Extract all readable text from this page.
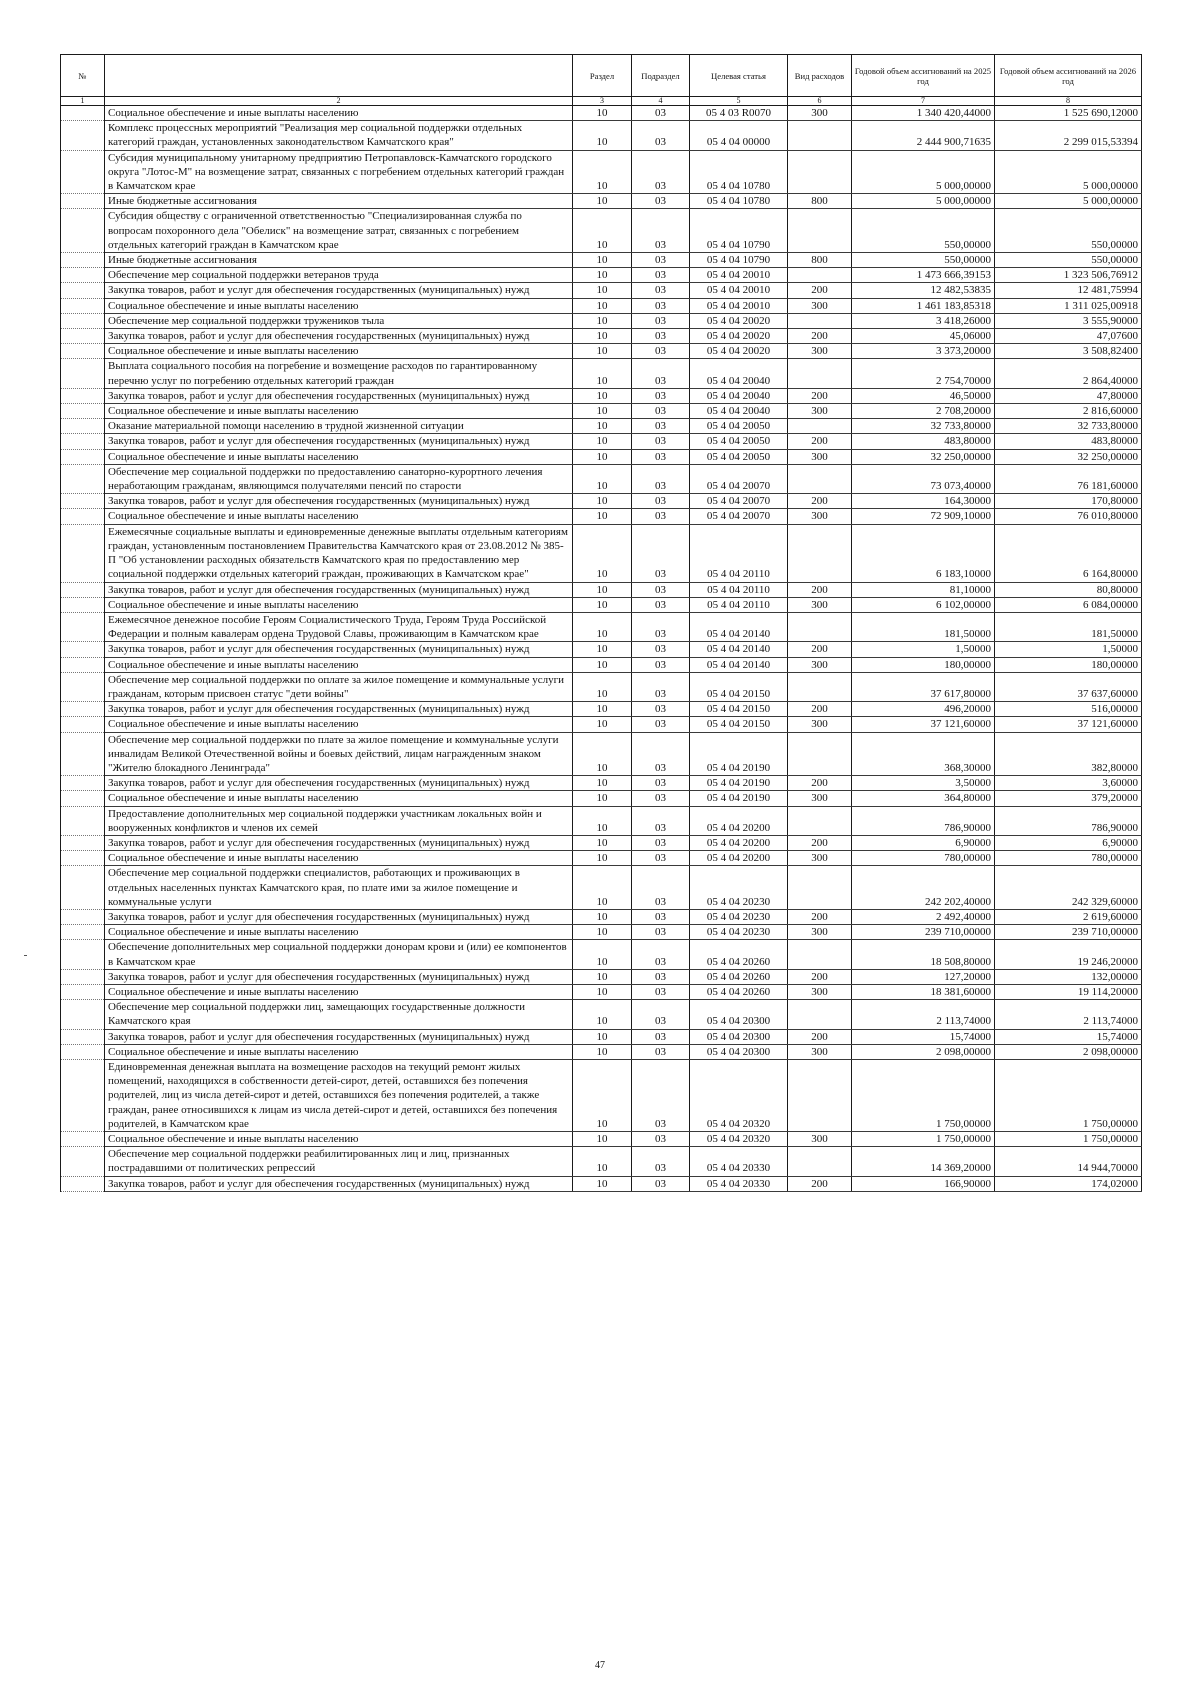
№		Раздел	Подраздел	Целевая статья	Вид расходов	Годовой объем ассигнований на 2025 год	Годовой объем ассигнований на 2026 год
1	2	3	4	5	6	7	8
	Социальное обеспечение и иные выплаты населению	10	03	05 4 03 R0070	300	1 340 420,44000	1 525 690,12000
	Комплекс процессных мероприятий "Реализация мер социальной поддержки отдельных категорий граждан, установленных законодательством Камчатского края"	10	03	05 4 04 00000		2 444 900,71635	2 299 015,53394
	Субсидия муниципальному унитарному предприятию Петропавловск-Камчатского городского округа "Лотос-М" на возмещение затрат, связанных с погребением отдельных категорий граждан в Камчатском крае	10	03	05 4 04 10780		5 000,00000	5 000,00000
	Иные бюджетные ассигнования	10	03	05 4 04 10780	800	5 000,00000	5 000,00000
	Субсидия обществу с ограниченной ответственностью "Специализированная служба по вопросам похоронного дела "Обелиск" на возмещение затрат, связанных с погребением отдельных категорий граждан в Камчатском крае	10	03	05 4 04 10790		550,00000	550,00000
	Иные бюджетные ассигнования	10	03	05 4 04 10790	800	550,00000	550,00000
	Обеспечение мер социальной поддержки ветеранов труда	10	03	05 4 04 20010		1 473 666,39153	1 323 506,76912
	Закупка товаров, работ и услуг для обеспечения государственных (муниципальных) нужд	10	03	05 4 04 20010	200	12 482,53835	12 481,75994
	Социальное обеспечение и иные выплаты населению	10	03	05 4 04 20010	300	1 461 183,85318	1 311 025,00918
	Обеспечение мер социальной поддержки тружеников тыла	10	03	05 4 04 20020		3 418,26000	3 555,90000
	Закупка товаров, работ и услуг для обеспечения государственных (муниципальных) нужд	10	03	05 4 04 20020	200	45,06000	47,07600
	Социальное обеспечение и иные выплаты населению	10	03	05 4 04 20020	300	3 373,20000	3 508,82400
	Выплата социального пособия на погребение и возмещение расходов по гарантированному перечню услуг по погребению отдельных категорий граждан	10	03	05 4 04 20040		2 754,70000	2 864,40000
	Закупка товаров, работ и услуг для обеспечения государственных (муниципальных) нужд	10	03	05 4 04 20040	200	46,50000	47,80000
	Социальное обеспечение и иные выплаты населению	10	03	05 4 04 20040	300	2 708,20000	2 816,60000
	Оказание материальной помощи населению в трудной жизненной ситуации	10	03	05 4 04 20050		32 733,80000	32 733,80000
	Закупка товаров, работ и услуг для обеспечения государственных (муниципальных) нужд	10	03	05 4 04 20050	200	483,80000	483,80000
	Социальное обеспечение и иные выплаты населению	10	03	05 4 04 20050	300	32 250,00000	32 250,00000
	Обеспечение мер социальной поддержки по предоставлению санаторно-курортного лечения неработающим гражданам, являющимся получателями пенсий по старости	10	03	05 4 04 20070		73 073,40000	76 181,60000
	Закупка товаров, работ и услуг для обеспечения государственных (муниципальных) нужд	10	03	05 4 04 20070	200	164,30000	170,80000
	Социальное обеспечение и иные выплаты населению	10	03	05 4 04 20070	300	72 909,10000	76 010,80000
	Ежемесячные социальные выплаты и единовременные денежные выплаты отдельным категориям граждан, установленным постановлением Правительства Камчатского края от 23.08.2012 № 385-П "Об установлении расходных обязательств Камчатского края по предоставлению мер социальной поддержки отдельных категорий граждан, проживающих в Камчатском крае"	10	03	05 4 04 20110		6 183,10000	6 164,80000
	Закупка товаров, работ и услуг для обеспечения государственных (муниципальных) нужд	10	03	05 4 04 20110	200	81,10000	80,80000
	Социальное обеспечение и иные выплаты населению	10	03	05 4 04 20110	300	6 102,00000	6 084,00000
	Ежемесячное денежное пособие Героям Социалистического Труда, Героям Труда Российской Федерации и полным кавалерам ордена Трудовой Славы, проживающим в Камчатском крае	10	03	05 4 04 20140		181,50000	181,50000
	Закупка товаров, работ и услуг для обеспечения государственных (муниципальных) нужд	10	03	05 4 04 20140	200	1,50000	1,50000
	Социальное обеспечение и иные выплаты населению	10	03	05 4 04 20140	300	180,00000	180,00000
	Обеспечение мер социальной поддержки по оплате за жилое помещение и коммунальные услуги гражданам, которым присвоен статус "дети войны"	10	03	05 4 04 20150		37 617,80000	37 637,60000
	Закупка товаров, работ и услуг для обеспечения государственных (муниципальных) нужд	10	03	05 4 04 20150	200	496,20000	516,00000
	Социальное обеспечение и иные выплаты населению	10	03	05 4 04 20150	300	37 121,60000	37 121,60000
	Обеспечение мер социальной поддержки по плате за жилое помещение и коммунальные услуги инвалидам Великой Отечественной войны и боевых действий, лицам награжденным знаком "Жителю блокадного Ленинграда"	10	03	05 4 04 20190		368,30000	382,80000
	Закупка товаров, работ и услуг для обеспечения государственных (муниципальных) нужд	10	03	05 4 04 20190	200	3,50000	3,60000
	Социальное обеспечение и иные выплаты населению	10	03	05 4 04 20190	300	364,80000	379,20000
	Предоставление дополнительных мер социальной поддержки участникам локальных войн и вооруженных конфликтов и членов их семей	10	03	05 4 04 20200		786,90000	786,90000
	Закупка товаров, работ и услуг для обеспечения государственных (муниципальных) нужд	10	03	05 4 04 20200	200	6,90000	6,90000
	Социальное обеспечение и иные выплаты населению	10	03	05 4 04 20200	300	780,00000	780,00000
	Обеспечение мер социальной поддержки специалистов, работающих и проживающих в отдельных населенных пунктах Камчатского края, по плате ими за жилое помещение и коммунальные услуги	10	03	05 4 04 20230		242 202,40000	242 329,60000
	Закупка товаров, работ и услуг для обеспечения государственных (муниципальных) нужд	10	03	05 4 04 20230	200	2 492,40000	2 619,60000
	Социальное обеспечение и иные выплаты населению	10	03	05 4 04 20230	300	239 710,00000	239 710,00000
	Обеспечение дополнительных мер социальной поддержки донорам крови и (или) ее компонентов в Камчатском крае	10	03	05 4 04 20260		18 508,80000	19 246,20000
	Закупка товаров, работ и услуг для обеспечения государственных (муниципальных) нужд	10	03	05 4 04 20260	200	127,20000	132,00000
	Социальное обеспечение и иные выплаты населению	10	03	05 4 04 20260	300	18 381,60000	19 114,20000
	Обеспечение мер социальной поддержки лиц, замещающих государственные должности Камчатского края	10	03	05 4 04 20300		2 113,74000	2 113,74000
	Закупка товаров, работ и услуг для обеспечения государственных (муниципальных) нужд	10	03	05 4 04 20300	200	15,74000	15,74000
	Социальное обеспечение и иные выплаты населению	10	03	05 4 04 20300	300	2 098,00000	2 098,00000
	Единовременная денежная выплата на возмещение расходов на текущий ремонт жилых помещений, находящихся в собственности детей-сирот, детей, оставшихся без попечения родителей, лиц из числа детей-сирот и детей, оставшихся без попечения родителей, а также граждан, ранее относившихся к лицам из числа детей-сирот и детей, оставшихся без попечения родителей, в Камчатском крае	10	03	05 4 04 20320		1 750,00000	1 750,00000
	Социальное обеспечение и иные выплаты населению	10	03	05 4 04 20320	300	1 750,00000	1 750,00000
	Обеспечение мер социальной поддержки реабилитированных лиц и лиц, признанных пострадавшими от политических репрессий	10	03	05 4 04 20330		14 369,20000	14 944,70000
	Закупка товаров, работ и услуг для обеспечения государственных (муниципальных) нужд	10	03	05 4 04 20330	200	166,90000	174,02000
47
